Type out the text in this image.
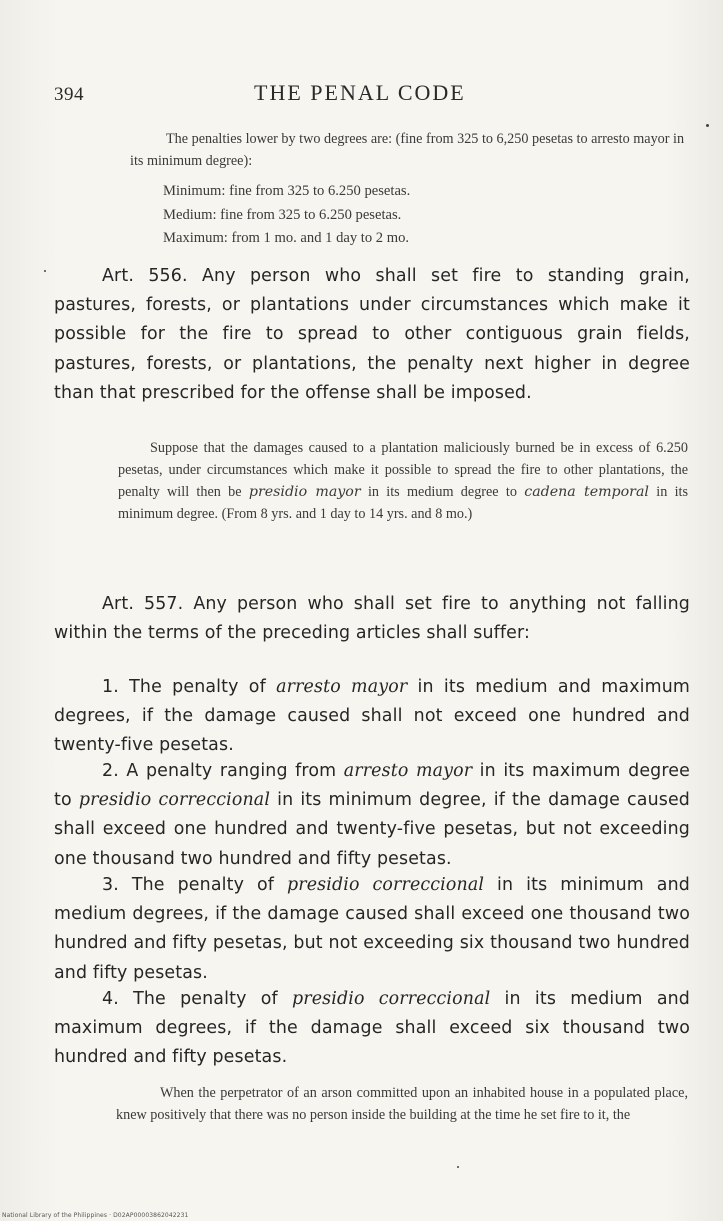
394	THE PENAL CODE

The penalties lower by two degrees are: (fine from 325 to 6,250 pesetas to arresto mayor in its minimum degree):

Minimum: fine from 325 to 6.250 pesetas.
Medium: fine from 325 to 6.250 pesetas.
Maximum: from 1 mo. and 1 day to 2 mo.

Art. 556. Any person who shall set fire to standing grain, pastures, forests, or plantations under circumstances which make it possible for the fire to spread to other contiguous grain fields, pastures, forests, or plantations, the penalty next higher in degree than that prescribed for the offense shall be imposed.

Suppose that the damages caused to a plantation maliciously burned be in excess of 6.250 pesetas, under circumstances which make it possible to spread the fire to other plantations, the penalty will then be presidio mayor in its medium degree to cadena temporal in its minimum degree. (From 8 yrs. and 1 day to 14 yrs. and 8 mo.)

Art. 557. Any person who shall set fire to anything not falling within the terms of the preceding articles shall suffer:

1. The penalty of arresto mayor in its medium and maximum degrees, if the damage caused shall not exceed one hundred and twenty-five pesetas.

2. A penalty ranging from arresto mayor in its maximum degree to presidio correccional in its minimum degree, if the damage caused shall exceed one hundred and twenty-five pesetas, but not exceeding one thousand two hundred and fifty pesetas.

3. The penalty of presidio correccional in its minimum and medium degrees, if the damage caused shall exceed one thousand two hundred and fifty pesetas, but not exceeding six thousand two hundred and fifty pesetas.

4. The penalty of presidio correccional in its medium and maximum degrees, if the damage shall exceed six thousand two hundred and fifty pesetas.

When the perpetrator of an arson committed upon an inhabited house in a populated place, knew positively that there was no person inside the building at the time he set fire to it, the

National Library of the Philippines · D02AP00003862042231
